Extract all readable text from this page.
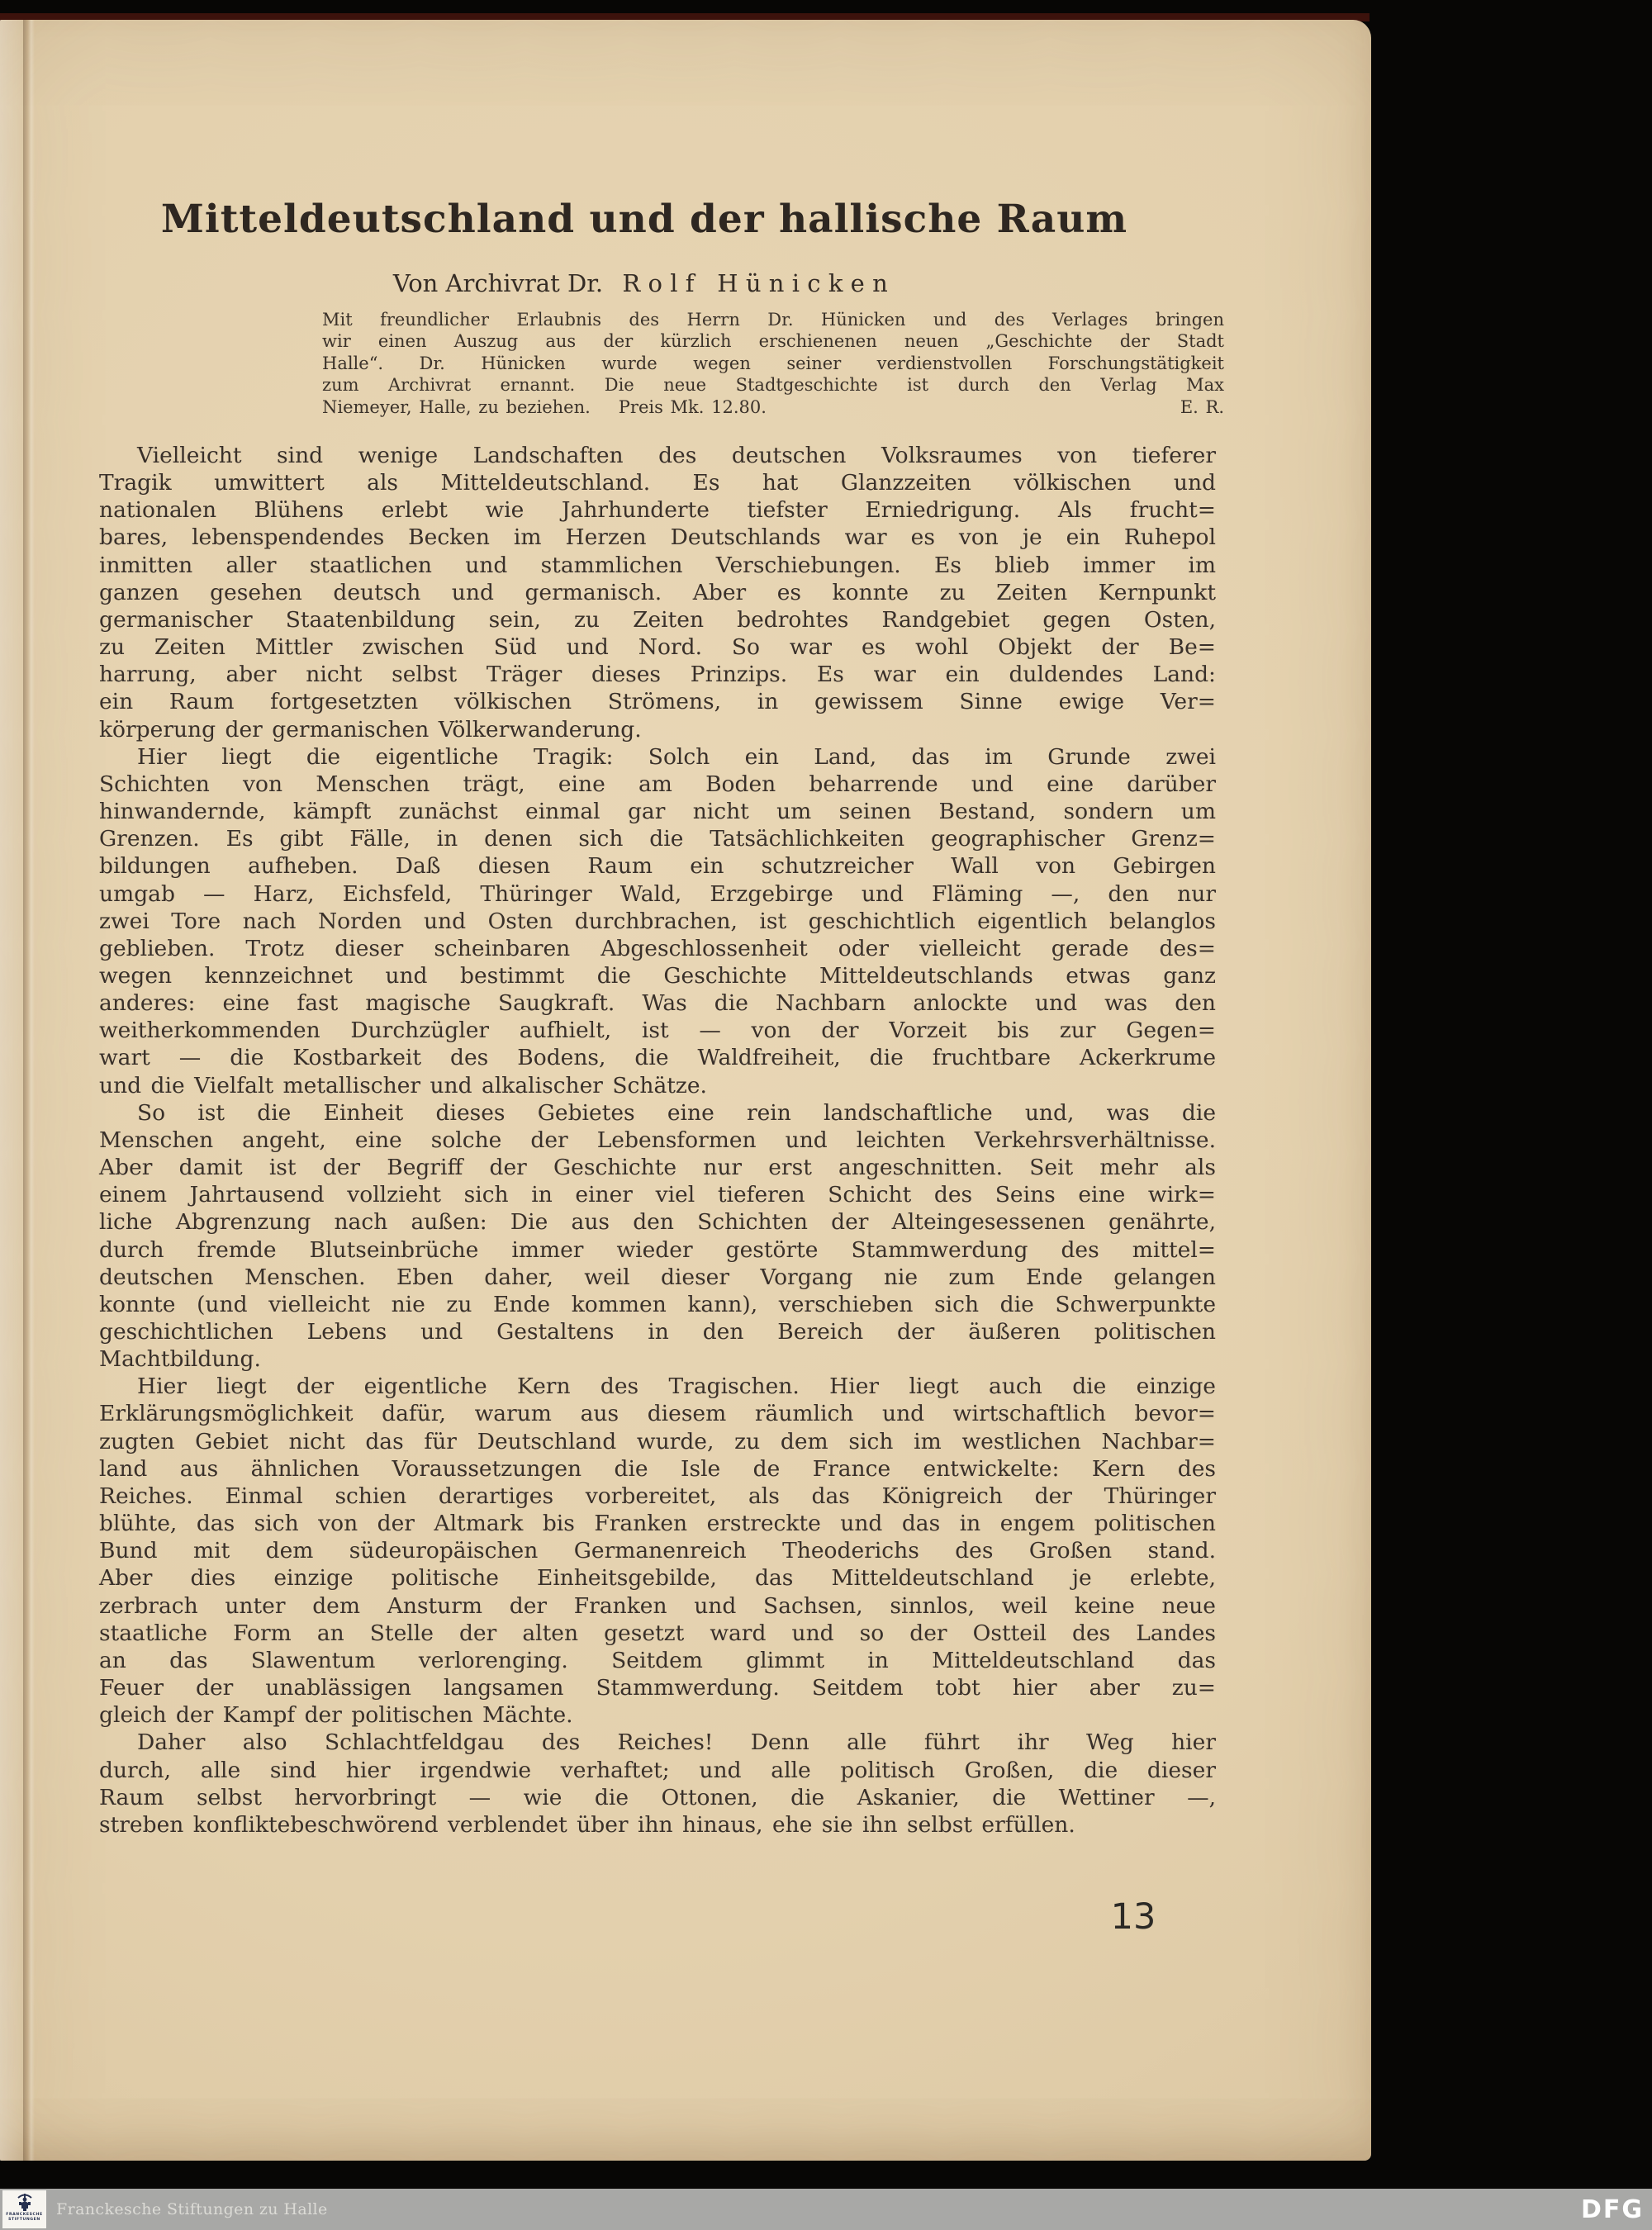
Mitteldeutschland und der hallische Raum
Von Archivrat Dr. Rolf Hünicken
Mit freundlicher Erlaubnis des Herrn Dr. Hünicken und des Verlages bringen
wir einen Auszug aus der kürzlich erschienenen neuen „Geschichte der Stadt
Halle“. Dr. Hünicken wurde wegen seiner verdienstvollen Forschungstätigkeit
zum Archivrat ernannt. Die neue Stadtgeschichte ist durch den Verlag Max
Niemeyer, Halle, zu beziehen. Preis Mk. 12.80.	E. R.
Vielleicht sind wenige Landschaften des deutschen Volksraumes von tieferer
Tragik umwittert als Mitteldeutschland. Es hat Glanzzeiten völkischen und
nationalen Blühens erlebt wie Jahrhunderte tiefster Erniedrigung. Als frucht=
bares, lebenspendendes Becken im Herzen Deutschlands war es von je ein Ruhepol
inmitten aller staatlichen und stammlichen Verschiebungen. Es blieb immer im
ganzen gesehen deutsch und germanisch. Aber es konnte zu Zeiten Kernpunkt
germanischer Staatenbildung sein, zu Zeiten bedrohtes Randgebiet gegen Osten,
zu Zeiten Mittler zwischen Süd und Nord. So war es wohl Objekt der Be=
harrung, aber nicht selbst Träger dieses Prinzips. Es war ein duldendes Land:
ein Raum fortgesetzten völkischen Strömens, in gewissem Sinne ewige Ver=
körperung der germanischen Völkerwanderung.
Hier liegt die eigentliche Tragik: Solch ein Land, das im Grunde zwei
Schichten von Menschen trägt, eine am Boden beharrende und eine darüber
hinwandernde, kämpft zunächst einmal gar nicht um seinen Bestand, sondern um
Grenzen. Es gibt Fälle, in denen sich die Tatsächlichkeiten geographischer Grenz=
bildungen aufheben. Daß diesen Raum ein schutzreicher Wall von Gebirgen
umgab — Harz, Eichsfeld, Thüringer Wald, Erzgebirge und Fläming —, den nur
zwei Tore nach Norden und Osten durchbrachen, ist geschichtlich eigentlich belanglos
geblieben. Trotz dieser scheinbaren Abgeschlossenheit oder vielleicht gerade des=
wegen kennzeichnet und bestimmt die Geschichte Mitteldeutschlands etwas ganz
anderes: eine fast magische Saugkraft. Was die Nachbarn anlockte und was den
weitherkommenden Durchzügler aufhielt, ist — von der Vorzeit bis zur Gegen=
wart — die Kostbarkeit des Bodens, die Waldfreiheit, die fruchtbare Ackerkrume
und die Vielfalt metallischer und alkalischer Schätze.
So ist die Einheit dieses Gebietes eine rein landschaftliche und, was die
Menschen angeht, eine solche der Lebensformen und leichten Verkehrsverhältnisse.
Aber damit ist der Begriff der Geschichte nur erst angeschnitten. Seit mehr als
einem Jahrtausend vollzieht sich in einer viel tieferen Schicht des Seins eine wirk=
liche Abgrenzung nach außen: Die aus den Schichten der Alteingesessenen genährte,
durch fremde Blutseinbrüche immer wieder gestörte Stammwerdung des mittel=
deutschen Menschen. Eben daher, weil dieser Vorgang nie zum Ende gelangen
konnte (und vielleicht nie zu Ende kommen kann), verschieben sich die Schwerpunkte
geschichtlichen Lebens und Gestaltens in den Bereich der äußeren politischen
Machtbildung.
Hier liegt der eigentliche Kern des Tragischen. Hier liegt auch die einzige
Erklärungsmöglichkeit dafür, warum aus diesem räumlich und wirtschaftlich bevor=
zugten Gebiet nicht das für Deutschland wurde, zu dem sich im westlichen Nachbar=
land aus ähnlichen Voraussetzungen die Isle de France entwickelte: Kern des
Reiches. Einmal schien derartiges vorbereitet, als das Königreich der Thüringer
blühte, das sich von der Altmark bis Franken erstreckte und das in engem politischen
Bund mit dem südeuropäischen Germanenreich Theoderichs des Großen stand.
Aber dies einzige politische Einheitsgebilde, das Mitteldeutschland je erlebte,
zerbrach unter dem Ansturm der Franken und Sachsen, sinnlos, weil keine neue
staatliche Form an Stelle der alten gesetzt ward und so der Ostteil des Landes
an das Slawentum verlorenging. Seitdem glimmt in Mitteldeutschland das
Feuer der unablässigen langsamen Stammwerdung. Seitdem tobt hier aber zu=
gleich der Kampf der politischen Mächte.
Daher also Schlachtfeldgau des Reiches! Denn alle führt ihr Weg hier
durch, alle sind hier irgendwie verhaftet; und alle politisch Großen, die dieser
Raum selbst hervorbringt — wie die Ottonen, die Askanier, die Wettiner —,
streben konfliktebeschwörend verblendet über ihn hinaus, ehe sie ihn selbst erfüllen.
13
FRANCKESCHE
STIFTUNGEN
Franckesche Stiftungen zu Halle	DFG
